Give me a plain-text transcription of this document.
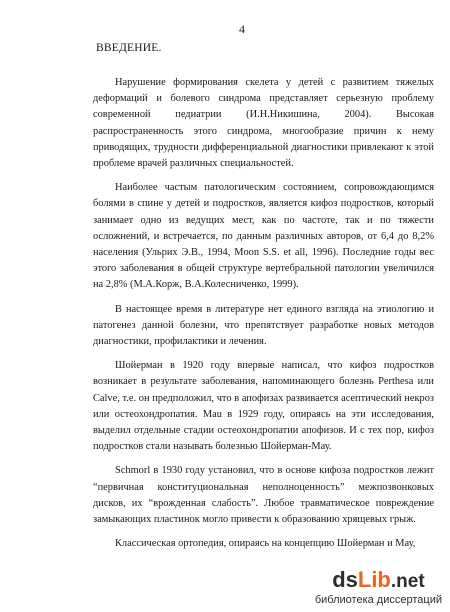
4
ВВЕДЕНИЕ.

Нарушение формирования скелета у детей с развитием тяжелых деформаций и болевого синдрома представляет серьезную проблему современной педиатрии (И.Н.Никишина, 2004). Высокая распространенность этого синдрома, многообразие причин к нему приводящих, трудности дифференциальной диагностики привлекают к этой проблеме врачей различных специальностей.

Наиболее частым патологическим состоянием, сопровождающимся болями в спине у детей и подростков, является кифоз подростков, который занимает одно из ведущих мест, как по частоте, так и по тяжести осложнений, и встречается, по данным различных авторов, от 6,4 до 8,2% населения (Ульрих Э.В., 1994, Moon S.S. et all, 1996). Последние годы вес этого заболевания в общей структуре вертебральной патологии увеличился на 2,8% (М.А.Корж, В.А.Колесниченко, 1999).

В настоящее время в литературе нет единого взгляда на этиологию и патогенез данной болезни, что препятствует разработке новых методов диагностики, профилактики и лечения.

Шойерман в 1920 году впервые написал, что кифоз подростков возникает в результате заболевания, напоминающего болезнь Perthesa или Calve, т.е. он предположил, что в апофизах развивается асептический некроз или остеохондропатия. Mau в 1929 году, опираясь на эти исследования, выделил отдельные стадии остеохондропатии апофизов. И с тех пор, кифоз подростков стали называть болезнью Шойерман-Мау.

Schmorl в 1930 году установил, что в основе кифоза подростков лежит “первичная конституциональная неполноценность” межпозвонковых дисков, их “врожденная слабость”. Любое травматическое повреждение замыкающих пластинок могло привести к образованию хрящевых грыж.

Классическая ортопедия, опираясь на концепцию Шойерман и Мау,

dsLib.net
библиотека диссертаций
